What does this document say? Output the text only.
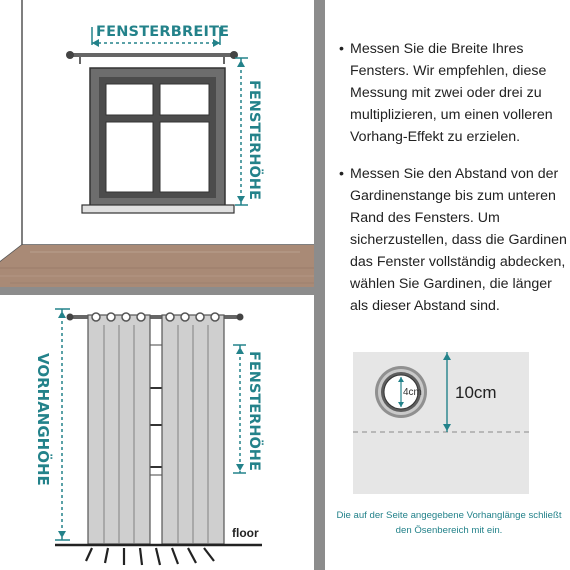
FENSTERBREITE
FENSTERHÖHE
VORHANGHÖHE	FENSTERHÖHE
floor
• Messen Sie die Breite Ihres Fensters. Wir empfehlen, diese Messung mit zwei oder drei zu multiplizieren, um einen volleren Vorhang-Effekt zu erzielen.
• Messen Sie den Abstand von der Gardinenstange bis zum unteren Rand des Fensters. Um sicherzustellen, dass die Gardinen das Fenster vollständig abdecken, wählen Sie Gardinen, die länger als dieser Abstand sind.
4cm 10cm
Die auf der Seite angegebene Vorhanglänge schließt den Ösenbereich mit ein.
